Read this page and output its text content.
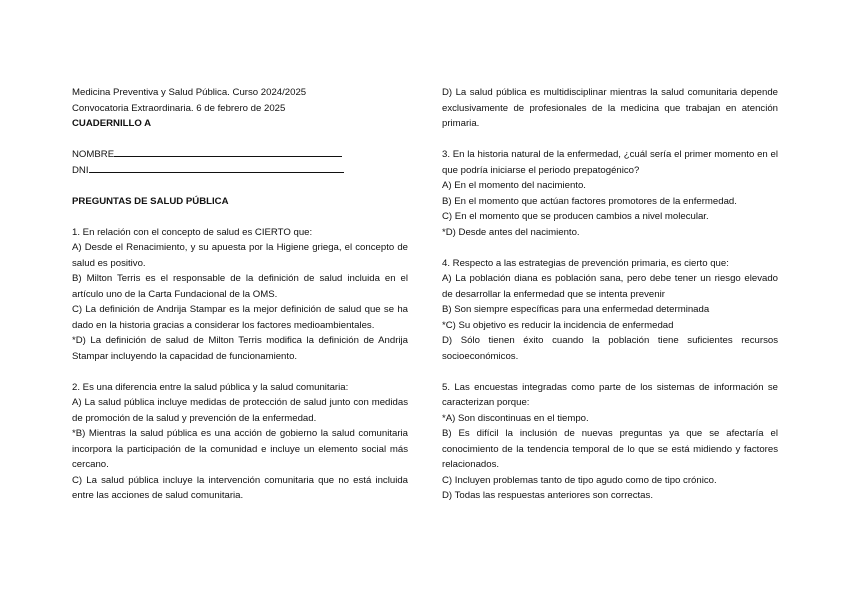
Medicina Preventiva y Salud Pública. Curso 2024/2025
Convocatoria Extraordinaria. 6 de febrero de 2025
CUADERNILLO A
NOMBRE
DNI
PREGUNTAS DE SALUD PÚBLICA
1. En relación con el concepto de salud es CIERTO que:
A) Desde el Renacimiento, y su apuesta por la Higiene griega, el concepto de salud es positivo.
B) Milton Terris es el responsable de la definición de salud incluida en el artículo uno de la Carta Fundacional de la OMS.
C) La definición de Andrija Stampar es la mejor definición de salud que se ha dado en la historia gracias a considerar los factores medioambientales.
*D) La definición de salud de Milton Terris modifica la definición de Andrija Stampar incluyendo la capacidad de funcionamiento.
2. Es una diferencia entre la salud pública y la salud comunitaria:
A) La salud pública incluye medidas de protección de salud junto con medidas de promoción de la salud y prevención de la enfermedad.
*B) Mientras la salud pública es una acción de gobierno la salud comunitaria incorpora la participación de la comunidad e incluye un elemento social más cercano.
C) La salud pública incluye la intervención comunitaria que no está incluida entre las acciones de salud comunitaria.
D) La salud pública es multidisciplinar mientras la salud comunitaria depende exclusivamente de profesionales de la medicina que trabajan en atención primaria.
3. En la historia natural de la enfermedad, ¿cuál sería el primer momento en el que podría iniciarse el periodo prepatogénico?
A) En el momento del nacimiento.
B) En el momento que actúan factores promotores de la enfermedad.
C) En el momento que se producen cambios a nivel molecular.
*D) Desde antes del nacimiento.
4. Respecto a las estrategias de prevención primaria, es cierto que:
A) La población diana es población sana, pero debe tener un riesgo elevado de desarrollar la enfermedad que se intenta prevenir
B) Son siempre específicas para una enfermedad determinada
*C) Su objetivo es reducir la incidencia de enfermedad
D) Sólo tienen éxito cuando la población tiene suficientes recursos socioeconómicos.
5. Las encuestas integradas como parte de los sistemas de información se caracterizan porque:
*A) Son discontinuas en el tiempo.
B) Es difícil la inclusión de nuevas preguntas ya que se afectaría el conocimiento de la tendencia temporal de lo que se está midiendo y factores relacionados.
C) Incluyen problemas tanto de tipo agudo como de tipo crónico.
D) Todas las respuestas anteriores son correctas.
